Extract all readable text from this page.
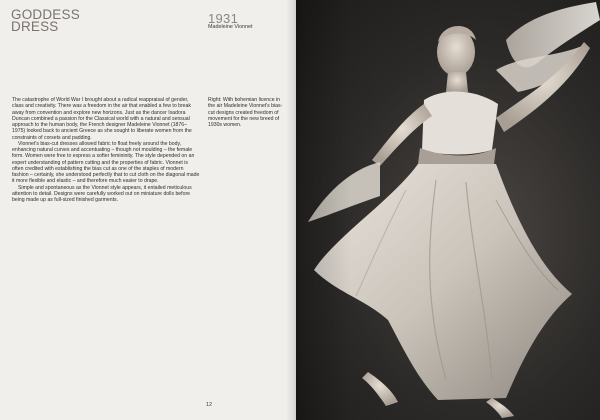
GODDESS
DRESS
1931
Madeleine Vionnet

The catastrophe of World War I brought about a radical reappraisal of gender, class and creativity. There was a freedom in the air that enabled a few to break away from convention and explore new horizons. Just as the dancer Isadora Duncan combined a passion for the Classical world with a natural and sensual approach to the human body, the French designer Madeleine Vionnet (1876–1975) looked back to ancient Greece as she sought to liberate women from the constraints of corsets and padding.

Vionnet's bias-cut dresses allowed fabric to float freely around the body, enhancing natural curves and accentuating – though not moulding – the female form. Women were free to express a softer femininity. The style depended on an expert understanding of pattern cutting and the properties of fabric. Vionnet is often credited with establishing the bias cut as one of the staples of modern fashion – certainly, she understood perfectly that to cut cloth on the diagonal made it more flexible and elastic – and therefore much easier to drape.

Simple and spontaneous as the Vionnet style appears, it entailed meticulous attention to detail. Designs were carefully worked out on miniature dolls before being made up as full-sized finished garments.

Right: With bohemian licence in the air Madeleine Vionnet's bias-cut designs created freedom of movement for the new breed of 1930s women.
12
